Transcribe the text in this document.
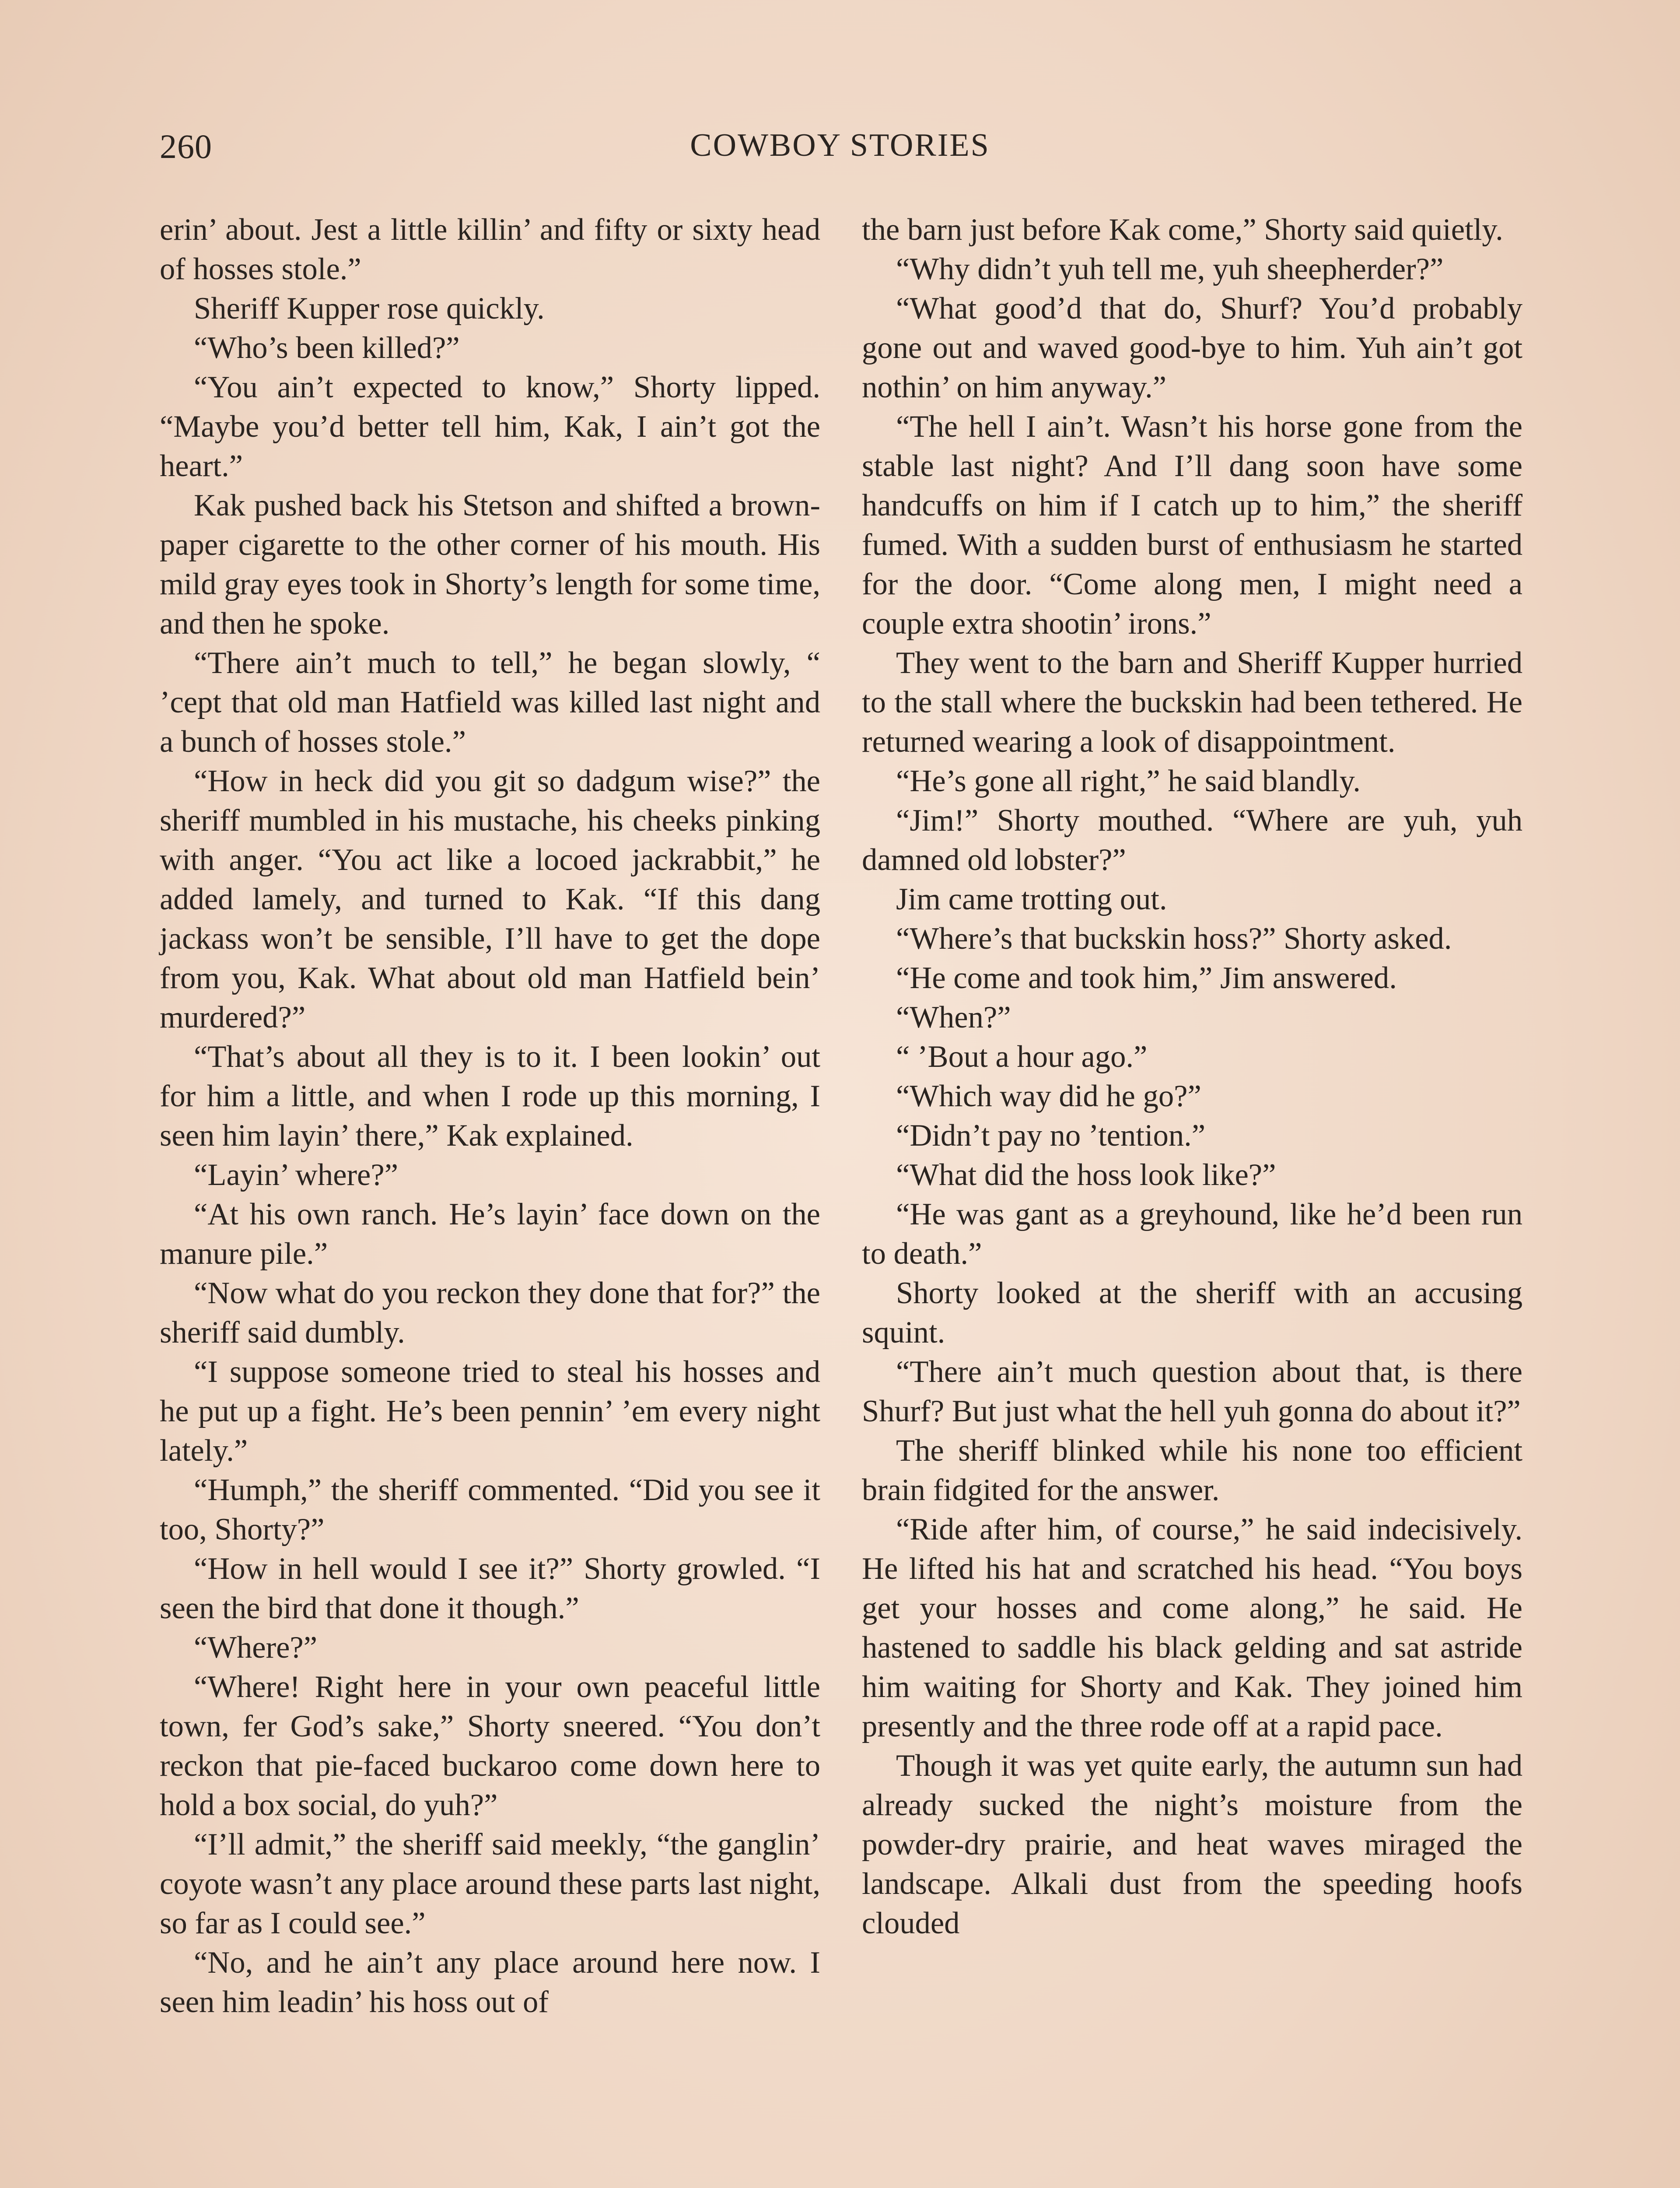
260	COWBOY STORIES

erin’ about. Jest a little killin’ and fifty or sixty head of hosses stole.”

Sheriff Kupper rose quickly.

“Who’s been killed?”

“You ain’t expected to know,” Shorty lipped. “Maybe you’d better tell him, Kak, I ain’t got the heart.”

Kak pushed back his Stetson and shifted a brown-paper cigarette to the other corner of his mouth. His mild gray eyes took in Shorty’s length for some time, and then he spoke.

“There ain’t much to tell,” he began slowly, “ ’cept that old man Hatfield was killed last night and a bunch of hosses stole.”

“How in heck did you git so dadgum wise?” the sheriff mumbled in his mustache, his cheeks pinking with anger. “You act like a locoed jackrabbit,” he added lamely, and turned to Kak. “If this dang jackass won’t be sensible, I’ll have to get the dope from you, Kak. What about old man Hatfield bein’ murdered?”

“That’s about all they is to it. I been lookin’ out for him a little, and when I rode up this morning, I seen him layin’ there,” Kak explained.

“Layin’ where?”

“At his own ranch. He’s layin’ face down on the manure pile.”

“Now what do you reckon they done that for?” the sheriff said dumbly.

“I suppose someone tried to steal his hosses and he put up a fight. He’s been pennin’ ’em every night lately.”

“Humph,” the sheriff commented. “Did you see it too, Shorty?”

“How in hell would I see it?” Shorty growled. “I seen the bird that done it though.”

“Where?”

“Where! Right here in your own peaceful little town, fer God’s sake,” Shorty sneered. “You don’t reckon that pie-faced buckaroo come down here to hold a box social, do yuh?”

“I’ll admit,” the sheriff said meekly, “the ganglin’ coyote wasn’t any place around these parts last night, so far as I could see.”

“No, and he ain’t any place around here now. I seen him leadin’ his hoss out of

the barn just before Kak come,” Shorty said quietly.

“Why didn’t yuh tell me, yuh sheepherder?”

“What good’d that do, Shurf? You’d probably gone out and waved good-bye to him. Yuh ain’t got nothin’ on him anyway.”

“The hell I ain’t. Wasn’t his horse gone from the stable last night? And I’ll dang soon have some handcuffs on him if I catch up to him,” the sheriff fumed. With a sudden burst of enthusiasm he started for the door. “Come along men, I might need a couple extra shootin’ irons.”

They went to the barn and Sheriff Kupper hurried to the stall where the buckskin had been tethered. He returned wearing a look of disappointment.

“He’s gone all right,” he said blandly.

“Jim!” Shorty mouthed. “Where are yuh, yuh damned old lobster?”

Jim came trotting out.

“Where’s that buckskin hoss?” Shorty asked.

“He come and took him,” Jim answered.

“When?”

“ ’Bout a hour ago.”

“Which way did he go?”

“Didn’t pay no ’tention.”

“What did the hoss look like?”

“He was gant as a greyhound, like he’d been run to death.”

Shorty looked at the sheriff with an accusing squint.

“There ain’t much question about that, is there Shurf? But just what the hell yuh gonna do about it?”

The sheriff blinked while his none too efficient brain fidgited for the answer.

“Ride after him, of course,” he said indecisively. He lifted his hat and scratched his head. “You boys get your hosses and come along,” he said. He hastened to saddle his black gelding and sat astride him waiting for Shorty and Kak. They joined him presently and the three rode off at a rapid pace.

Though it was yet quite early, the autumn sun had already sucked the night’s moisture from the powder-dry prairie, and heat waves miraged the landscape. Alkali dust from the speeding hoofs clouded
